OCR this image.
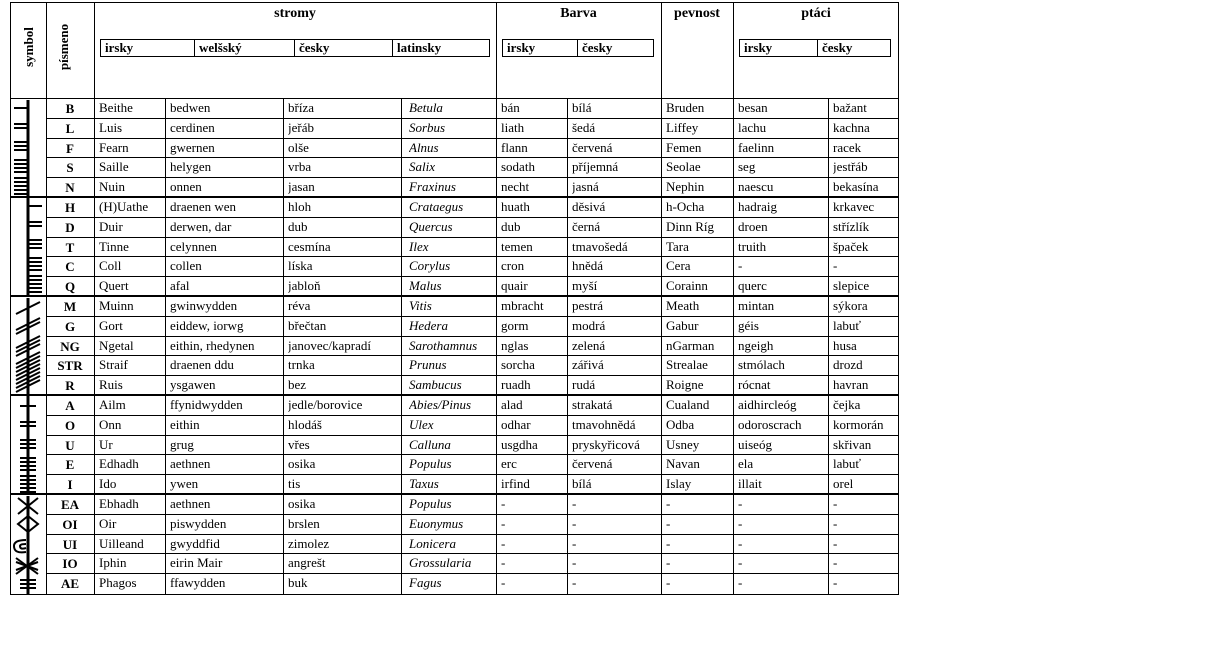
symbol písmeno
stromy	Barva	pevnost	ptáci
irsky	welšský	česky	latinsky	irsky	česky	irsky	česky
B	Beithe	bedwen	bříza	Betula	bán	bílá	Bruden	besan	bažant
L	Luis	cerdinen	jeřáb	Sorbus	liath	šedá	Liffey	lachu	kachna
F	Fearn	gwernen	olše	Alnus	flann	červená	Femen	faelinn	racek
S	Saille	helygen	vrba	Salix	sodath	příjemná	Seolae	seg	jestřáb
N	Nuin	onnen	jasan	Fraxinus	necht	jasná	Nephin	naescu	bekasína
H	(H)Uathe	draenen wen	hloh	Crataegus	huath	děsivá	h-Ocha	hadraig	krkavec
D	Duir	derwen, dar	dub	Quercus	dub	černá	Dinn Ríg	droen	střízlík
T	Tinne	celynnen	cesmína	Ilex	temen	tmavošedá	Tara	truith	špaček
C	Coll	collen	líska	Corylus	cron	hnědá	Cera	-	-
Q	Quert	afal	jabloň	Malus	quair	myší	Corainn	querc	slepice
M	Muinn	gwinwydden	réva	Vitis	mbracht	pestrá	Meath	mintan	sýkora
G	Gort	eiddew, iorwg	břečtan	Hedera	gorm	modrá	Gabur	géis	labuť
NG	Ngetal	eithin, rhedynen	janovec/kapradí	Sarothamnus	nglas	zelená	nGarman	ngeigh	husa
STR	Straif	draenen ddu	trnka	Prunus	sorcha	zářivá	Strealae	stmólach	drozd
R	Ruis	ysgawen	bez	Sambucus	ruadh	rudá	Roigne	rócnat	havran
A	Ailm	ffynidwydden	jedle/borovice	Abies/Pinus	alad	strakatá	Cualand	aidhircleóg	čejka
O	Onn	eithin	hlodáš	Ulex	odhar	tmavohnědá	Odba	odoroscrach	kormorán
U	Ur	grug	vřes	Calluna	usgdha	pryskyřicová	Usney	uiseóg	skřivan
E	Edhadh	aethnen	osika	Populus	erc	červená	Navan	ela	labuť
I	Ido	ywen	tis	Taxus	irfind	bílá	Islay	illait	orel
EA	Ebhadh	aethnen	osika	Populus	-	-	-	-	-
OI	Oir	piswydden	brslen	Euonymus	-	-	-	-	-
UI	Uilleand	gwyddfid	zimolez	Lonicera	-	-	-	-	-
IO	Iphin	eirin Mair	angrešt	Grossularia	-	-	-	-	-
AE	Phagos	ffawydden	buk	Fagus	-	-	-	-	-
